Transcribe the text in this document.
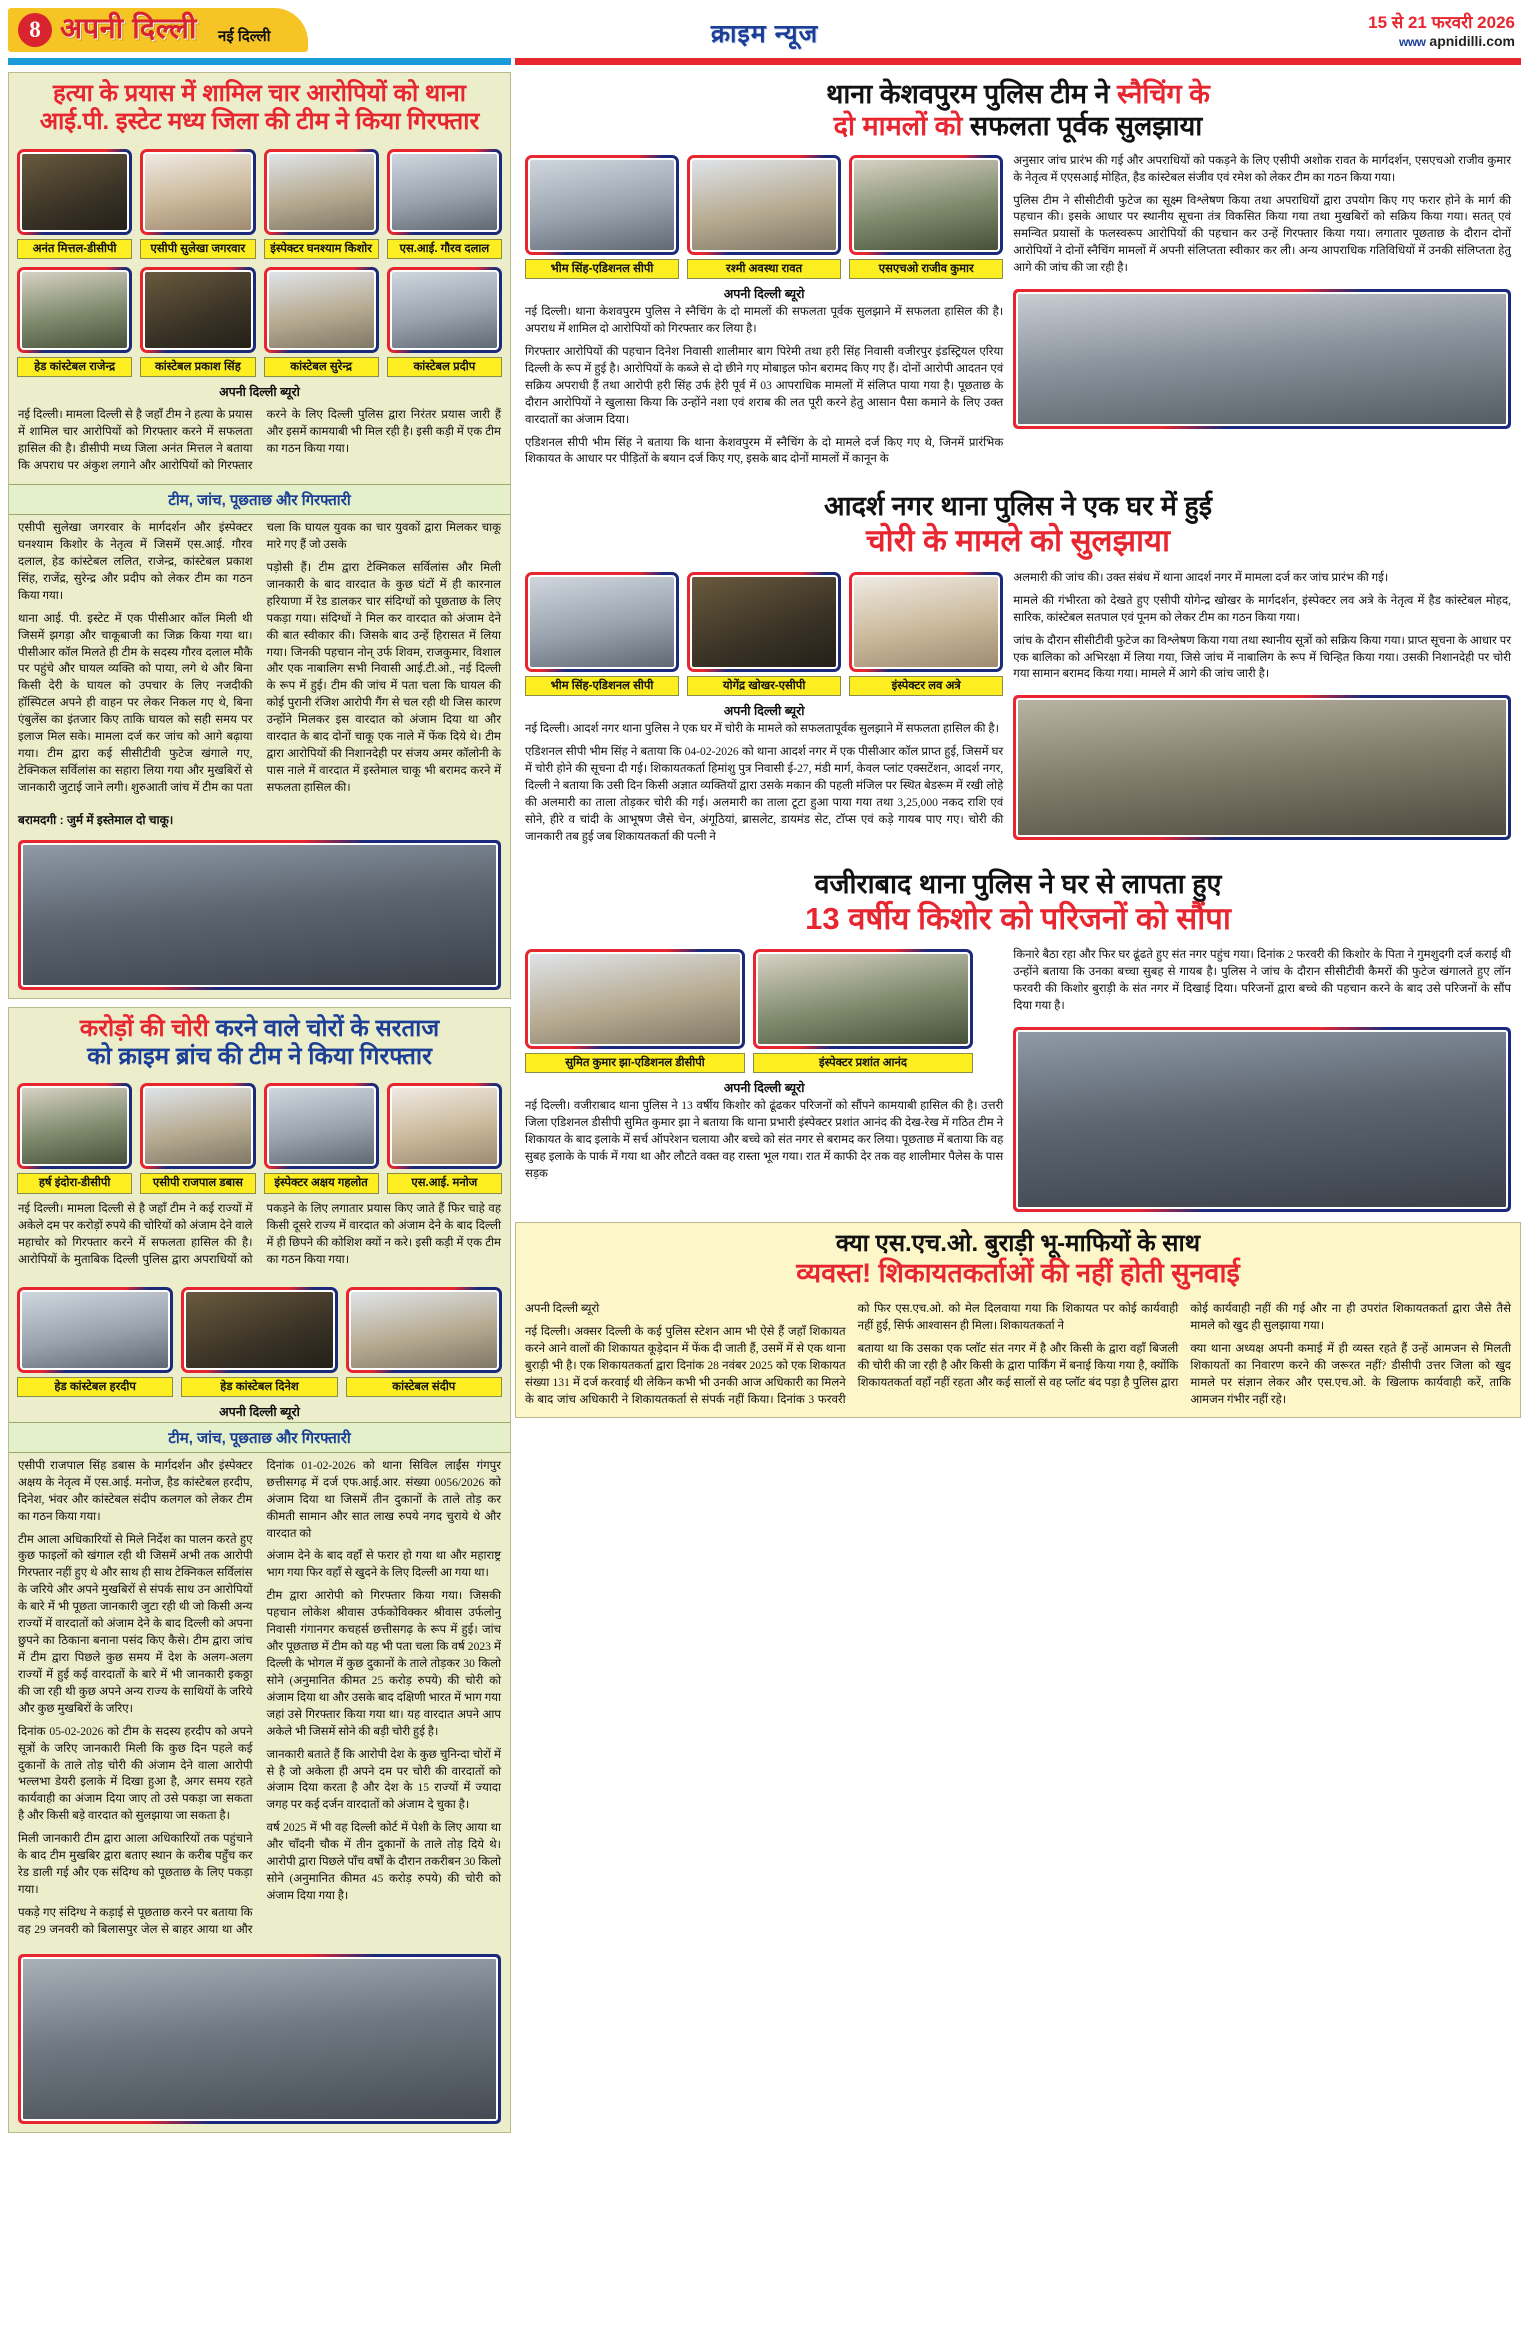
8 अपनी दिल्ली नई दिल्ली	क्राइम न्यूज	15 से 21 फरवरी 2026
www apnidilli.com
हत्या के प्रयास में शामिल चार आरोपियों को थाना
आई.पी. इस्टेट मध्य जिला की टीम ने किया गिरफ्तार
अनंत मित्तल-डीसीपी	एसीपी सुलेखा जगरवार	इंस्पेक्टर घनश्याम किशोर	एस.आई. गौरव दलाल
हेड कांस्टेबल राजेन्द्र	कांस्टेबल प्रकाश सिंह	कांस्टेबल सुरेन्द्र	कांस्टेबल प्रदीप
अपनी दिल्ली ब्यूरो

नई दिल्ली। मामला दिल्ली से है जहाँ टीम ने हत्या के प्रयास में शामिल चार आरोपियों को गिरफ्तार करने में सफलता हासिल की है। डीसीपी मध्य जिला अनंत मित्तल ने बताया कि अपराध पर अंकुश लगाने और आरोपियों को गिरफ्तार करने के लिए दिल्ली पुलिस द्वारा निरंतर प्रयास जारी हैं और इसमें कामयाबी भी मिल रही है। इसी कड़ी में एक टीम का गठन किया गया।

टीम, जांच, पूछताछ और गिरफ्तारी

एसीपी सुलेखा जगरवार के मार्गदर्शन और इंस्पेक्टर घनश्याम किशोर के नेतृत्व में जिसमें एस.आई. गौरव दलाल, हेड कांस्टेबल ललित, राजेन्द्र, कांस्टेबल प्रकाश सिंह, राजेंद्र, सुरेन्द्र और प्रदीप को लेकर टीम का गठन किया गया।

थाना आई. पी. इस्टेट में एक पीसीआर कॉल मिली थी जिसमें झगड़ा और चाकूबाजी का जिक्र किया गया था। पीसीआर कॉल मिलते ही टीम के सदस्य गौरव दलाल मौकै पर पहुंचे और घायल व्यक्ति को पाया, लगे थे और बिना किसी देरी के घायल को उपचार के लिए नजदीकी हॉस्पिटल अपने ही वाहन पर लेकर निकल गए थे, बिना एंबुलेंस का इंतजार किए ताकि घायल को सही समय पर इलाज मिल सके। मामला दर्ज कर जांच को आगे बढ़ाया गया। टीम द्वारा कई सीसीटीवी फुटेज खंगाले गए, टेक्निकल सर्विलांस का सहारा लिया गया और मुखबिरों से जानकारी जुटाई जाने लगी। शुरुआती जांच में टीम का पता चला कि घायल युवक का चार युवकों द्वारा मिलकर चाकू मारे गए हैं जो उसके

पड़ोसी हैं। टीम द्वारा टेक्निकल सर्विलांस और मिली जानकारी के बाद वारदात के कुछ घंटों में ही कारनाल हरियाणा में रेड डालकर चार संदिग्धों को पूछताछ के लिए पकड़ा गया। संदिग्धों ने मिल कर वारदात को अंजाम देने की बात स्वीकार की। जिसके बाद उन्हें हिरासत में लिया गया। जिनकी पहचान नोन् उर्फ शिवम, राजकुमार, विशाल और एक नाबालिग सभी निवासी आई.टी.ओ., नई दिल्ली के रूप में हुई। टीम की जांच में पता चला कि घायल की कोई पुरानी रंजिश आरोपी गैंग से चल रही थी जिस कारण उन्होंने मिलकर इस वारदात को अंजाम दिया था और वारदात के बाद दोनों चाकू एक नाले में फेंक दिये थे। टीम द्वारा आरोपियों की निशानदेही पर संजय अमर कॉलोनी के पास नाले में वारदात में इस्तेमाल चाकू भी बरामद करने में सफलता हासिल की।

बरामदगी : जुर्म में इस्तेमाल दो चाकू।
करोड़ों की चोरी करने वाले चोरों के सरताज
को क्राइम ब्रांच की टीम ने किया गिरफ्तार
हर्ष इंदोरा-डीसीपी	एसीपी राजपाल डबास	इंस्पेक्टर अक्षय गहलोत	एस.आई. मनोज

नई दिल्ली। मामला दिल्ली से है जहाँ टीम ने कई राज्यों में अकेले दम पर करोड़ों रुपये की चोरियों को अंजाम देने वाले महाचोर को गिरफ्तार करने में सफलता हासिल की है। आरोपियों के मुताबिक दिल्ली पुलिस द्वारा अपराधियों को पकड़ने के लिए लगातार प्रयास किए जाते हैं फिर चाहे वह किसी दूसरे राज्य में वारदात को अंजाम देने के बाद दिल्ली में ही छिपने की कोशिश क्यों न करे। इसी कड़ी में एक टीम का गठन किया गया।

हेड कांस्टेबल हरदीप	हेड कांस्टेबल दिनेश	कांस्टेबल संदीप
अपनी दिल्ली ब्यूरो
टीम, जांच, पूछताछ और गिरफ्तारी

एसीपी राजपाल सिंह डबास के मार्गदर्शन और इंस्पेक्टर अक्षय के नेतृत्व में एस.आई. मनोज, हैड कांस्टेबल हरदीप, दिनेश, भंवर और कांस्टेबल संदीप कलगल को लेकर टीम का गठन किया गया।

टीम आला अधिकारियों से मिले निर्देश का पालन करते हुए कुछ फाइलों को खंगाल रही थी जिसमें अभी तक आरोपी गिरफ्तार नहीं हुए थे और साथ ही साथ टेक्निकल सर्विलांस के जरिये और अपने मुखबिरों से संपर्क साध उन आरोपियों के बारे में भी पूछता जानकारी जुटा रही थी जो किसी अन्य राज्यों में वारदातों को अंजाम देने के बाद दिल्ली को अपना छुपने का ठिकाना बनाना पसंद किए कैसे। टीम द्वारा जांच में टीम द्वारा पिछले कुछ समय में देश के अलग-अलग राज्यों में हुई कई वारदातों के बारे में भी जानकारी इकठ्ठा की जा रही थी कुछ अपने अन्य राज्य के साथियों के जरिये और कुछ मुखबिरों के जरिए।

दिनांक 05-02-2026 को टीम के सदस्य हरदीप को अपने सूत्रों के जरिए जानकारी मिली कि कुछ दिन पहले कई दुकानों के ताले तोड़ चोरी की अंजाम देने वाला आरोपी भल्लभा डेयरी इलाके में दिखा हुआ है, अगर समय रहते कार्यवाही का अंजाम दिया जाए तो उसे पकड़ा जा सकता है और किसी बड़े वारदात को सुलझाया जा सकता है।

मिली जानकारी टीम द्वारा आला अधिकारियों तक पहुंचाने के बाद टीम मुखबिर द्वारा बताए स्थान के करीब पहुँच कर रेड डाली गई और एक संदिग्ध को पूछताछ के लिए पकड़ा गया।

पकड़े गए संदिग्ध ने कड़ाई से पूछताछ करने पर बताया कि वह 29 जनवरी को बिलासपुर जेल से बाहर आया था और दिनांक 01-02-2026 को थाना सिविल लाईंस गंगपुर छत्तीसगढ़ में दर्ज एफ.आई.आर. संख्या 0056/2026 को अंजाम दिया था जिसमें तीन दुकानों के ताले तोड़ कर कीमती सामान और सात लाख रुपये नगद चुराये थे और वारदात को

अंजाम देने के बाद वहाँ से फरार हो गया था और महाराष्ट्र भाग गया फिर वहाँ से खुदने के लिए दिल्ली आ गया था।

टीम द्वारा आरोपी को गिरफ्तार किया गया। जिसकी पहचान लोकेश श्रीवास उर्फकोविक्कर श्रीवास उर्फलोनु निवासी गंगानगर कचहर्स छत्तीसगढ़ के रूप में हुई। जांच और पूछताछ में टीम को यह भी पता चला कि वर्ष 2023 में दिल्ली के भोगल में कुछ दुकानों के ताले तोड़कर 30 किलो सोने (अनुमानित कीमत 25 करोड़ रुपये) की चोरी को अंजाम दिया था और उसके बाद दक्षिणी भारत में भाग गया जहां उसे गिरफ्तार किया गया था। यह वारदात अपने आप अकेले भी जिसमें सोने की बड़ी चोरी हुई है।

जानकारी बताते हैं कि आरोपी देश के कुछ चुनिन्दा चोरों में से है जो अकेला ही अपने दम पर चोरी की वारदातों को अंजाम दिया करता है और देश के 15 राज्यों में ज्यादा जगह पर कई दर्जन वारदातों को अंजाम दे चुका है।

वर्ष 2025 में भी वह दिल्ली कोर्ट में पेशी के लिए आया था और चाँदनी चौक में तीन दुकानों के ताले तोड़ दिये थे। आरोपी द्वारा पिछले पाँच वर्षों के दौरान तकरीबन 30 किलो सोने (अनुमानित कीमत 45 करोड़ रुपये) की चोरी को अंजाम दिया गया है।

थाना केशवपुरम पुलिस टीम ने स्नैचिंग के
दो मामलों को सफलता पूर्वक सुलझाया
भीम सिंह-एडिशनल सीपी	रश्मी अवस्था रावत	एसएचओ राजीव कुमार
अपनी दिल्ली ब्यूरो

नई दिल्ली। थाना केशवपुरम पुलिस ने स्नैचिंग के दो मामलों की सफलता पूर्वक सुलझाने में सफलता हासिल की है। अपराध में शामिल दो आरोपियों को गिरफ्तार कर लिया है।

गिरफ्तार आरोपियों की पहचान दिनेश निवासी शालीमार बाग पिरेमी तथा हरी सिंह निवासी वजीरपुर इंडस्ट्रियल एरिया दिल्ली के रूप में हुई है। आरोपियों के कब्जे से दो छीने गए मोबाइल फोन बरामद किए गए हैं। दोनों आरोपी आदतन एवं सक्रिय अपराधी हैं तथा आरोपी हरी सिंह उर्फ हेरी पूर्व में 03 आपराधिक मामलों में संलिप्त पाया गया है। पूछताछ के दौरान आरोपियों ने खुलासा किया कि उन्होंने नशा एवं शराब की लत पूरी करने हेतु आसान पैसा कमाने के लिए उक्त वारदातों का अंजाम दिया।

एडिशनल सीपी भीम सिंह ने बताया कि थाना केशवपुरम में स्नैचिंग के दो मामले दर्ज किए गए थे, जिनमें प्रारंभिक शिकायत के आधार पर पीड़ितों के बयान दर्ज किए गए, इसके बाद दोनों मामलों में कानून के

अनुसार जांच प्रारंभ की गई और अपराधियों को पकड़ने के लिए एसीपी अशोक रावत के मार्गदर्शन, एसएचओ राजीव कुमार के नेतृत्व में एएसआई मोहित, हैड कांस्टेबल संजीव एवं रमेश को लेकर टीम का गठन किया गया।

पुलिस टीम ने सीसीटीवी फुटेज का सूक्ष्म विश्लेषण किया तथा अपराधियों द्वारा उपयोग किए गए फरार होने के मार्ग की पहचान की। इसके आधार पर स्थानीय सूचना तंत्र विकसित किया गया तथा मुखबिरों को सक्रिय किया गया। सतत् एवं समन्वित प्रयासों के फलस्वरूप आरोपियों की पहचान कर उन्हें गिरफ्तार किया गया। लगातार पूछताछ के दौरान दोनों आरोपियों ने दोनों स्नैचिंग मामलों में अपनी संलिप्तता स्वीकार कर ली। अन्य आपराधिक गतिविधियों में उनकी संलिप्तता हेतु आगे की जांच की जा रही है।

आदर्श नगर थाना पुलिस ने एक घर में हुई
चोरी के मामले को सुलझाया
भीम सिंह-एडिशनल सीपी	योगेंद्र खोखर-एसीपी	इंस्पेक्टर लव अत्रे
अपनी दिल्ली ब्यूरो

नई दिल्ली। आदर्श नगर थाना पुलिस ने एक घर में चोरी के मामले को सफलतापूर्वक सुलझाने में सफलता हासिल की है।

एडिशनल सीपी भीम सिंह ने बताया कि 04-02-2026 को थाना आदर्श नगर में एक पीसीआर कॉल प्राप्त हुई, जिसमें घर में चोरी होने की सूचना दी गई। शिकायतकर्ता हिमांशु पुत्र निवासी ई-27, मंडी मार्ग, केवल प्लांट एक्सटेंशन, आदर्श नगर, दिल्ली ने बताया कि उसी दिन किसी अज्ञात व्यक्तियों द्वारा उसके मकान की पहली मंजिल पर स्थित बेडरूम में रखी लोहे की अलमारी का ताला तोड़कर चोरी की गई। अलमारी का ताला टूटा हुआ पाया गया तथा 3,25,000 नकद राशि एवं सोने, हीरे व चांदी के आभूषण जैसे चेन, अंगूठियां, ब्रासलेट, डायमंड सेट, टॉप्स एवं कड़े गायब पाए गए। चोरी की जानकारी तब हुई जब शिकायतकर्ता की पत्नी ने

अलमारी की जांच की। उक्त संबंध में थाना आदर्श नगर में मामला दर्ज कर जांच प्रारंभ की गई।

मामले की गंभीरता को देखते हुए एसीपी योगेन्द्र खोखर के मार्गदर्शन, इंस्पेक्टर लव अत्रे के नेतृत्व में हैड कांस्टेबल मोहद, सारिक, कांस्टेबल सतपाल एवं पूनम को लेकर टीम का गठन किया गया।

जांच के दौरान सीसीटीवी फुटेज का विश्लेषण किया गया तथा स्थानीय सूत्रों को सक्रिय किया गया। प्राप्त सूचना के आधार पर एक बालिका को अभिरक्षा में लिया गया, जिसे जांच में नाबालिग के रूप में चिन्हित किया गया। उसकी निशानदेही पर चोरी गया सामान बरामद किया गया। मामले में आगे की जांच जारी है।

वजीराबाद थाना पुलिस ने घर से लापता हुए
13 वर्षीय किशोर को परिजनों को सौंपा
सुमित कुमार झा-एडिशनल डीसीपी	इंस्पेक्टर प्रशांत आनंद
अपनी दिल्ली ब्यूरो

नई दिल्ली। वजीराबाद थाना पुलिस ने 13 वर्षीय किशोर को ढूंढकर परिजनों को सौंपने कामयाबी हासिल की है। उत्तरी जिला एडिशनल डीसीपी सुमित कुमार झा ने बताया कि थाना प्रभारी इंस्पेक्टर प्रशांत आनंद की देख-रेख में गठित टीम ने शिकायत के बाद इलाके में सर्च ऑपरेशन चलाया और बच्चे को संत नगर से बरामद कर लिया। पूछताछ में बताया कि वह सुबह इलाके के पार्क में गया था और लौटते वक्त वह रास्ता भूल गया। रात में काफी देर तक वह शालीमार पैलेस के पास सड़क

किनारे बैठा रहा और फिर घर ढूंढते हुए संत नगर पहुंच गया। दिनांक 2 फरवरी की किशोर के पिता ने गुमशुदगी दर्ज कराई थी उन्होंने बताया कि उनका बच्चा सुबह से गायब है। पुलिस ने जांच के दौरान सीसीटीवी कैमरों की फुटेज खंगालते हुए लॉन फरवरी की किशोर बुराड़ी के संत नगर में दिखाई दिया। परिजनों द्वारा बच्चे की पहचान करने के बाद उसे परिजनों के सौंप दिया गया है।

क्या एस.एच.ओ. बुराड़ी भू-माफियों के साथ
व्यवस्त! शिकायतकर्ताओं की नहीं होती सुनवाई

अपनी दिल्ली ब्यूरो

नई दिल्ली। अक्सर दिल्ली के कई पुलिस स्टेशन आम भी ऐसे हैं जहाँ शिकायत करने आने वालों की शिकायत कूड़ेदान में फेंक दी जाती हैं, उसमें में से एक थाना बुराड़ी भी है। एक शिकायतकर्ता द्वारा दिनांक 28 नवंबर 2025 को एक शिकायत संख्या 131 में दर्ज करवाई थी लेकिन कभी भी उनकी आज अधिकारी का मिलने के बाद जांच अधिकारी ने शिकायतकर्ता से संपर्क नहीं किया। दिनांक 3 फरवरी को फिर एस.एच.ओ. को मेल दिलवाया गया कि शिकायत पर कोई कार्यवाही नहीं हुई, सिर्फ आश्वासन ही मिला। शिकायतकर्ता ने

बताया था कि उसका एक प्लॉट संत नगर में है और किसी के द्वारा वहाँ बिजली की चोरी की जा रही है और किसी के द्वारा पार्किंग में बनाई किया गया है, क्योंकि शिकायतकर्ता वहाँ नहीं रहता और कई सालों से वह प्लॉट बंद पड़ा है पुलिस द्वारा कोई कार्यवाही नहीं की गई और ना ही उपरांत शिकायतकर्ता द्वारा जैसे तैसे मामले को खुद ही सुलझाया गया।

क्या थाना अध्यक्ष अपनी कमाई में ही व्यस्त रहते हैं उन्हें आमजन से मिलती शिकायतों का निवारण करने की जरूरत नहीं? डीसीपी उत्तर जिला को खुद मामले पर संज्ञान लेकर और एस.एच.ओ. के खिलाफ कार्यवाही करें, ताकि आमजन गंभीर नहीं रहे।
